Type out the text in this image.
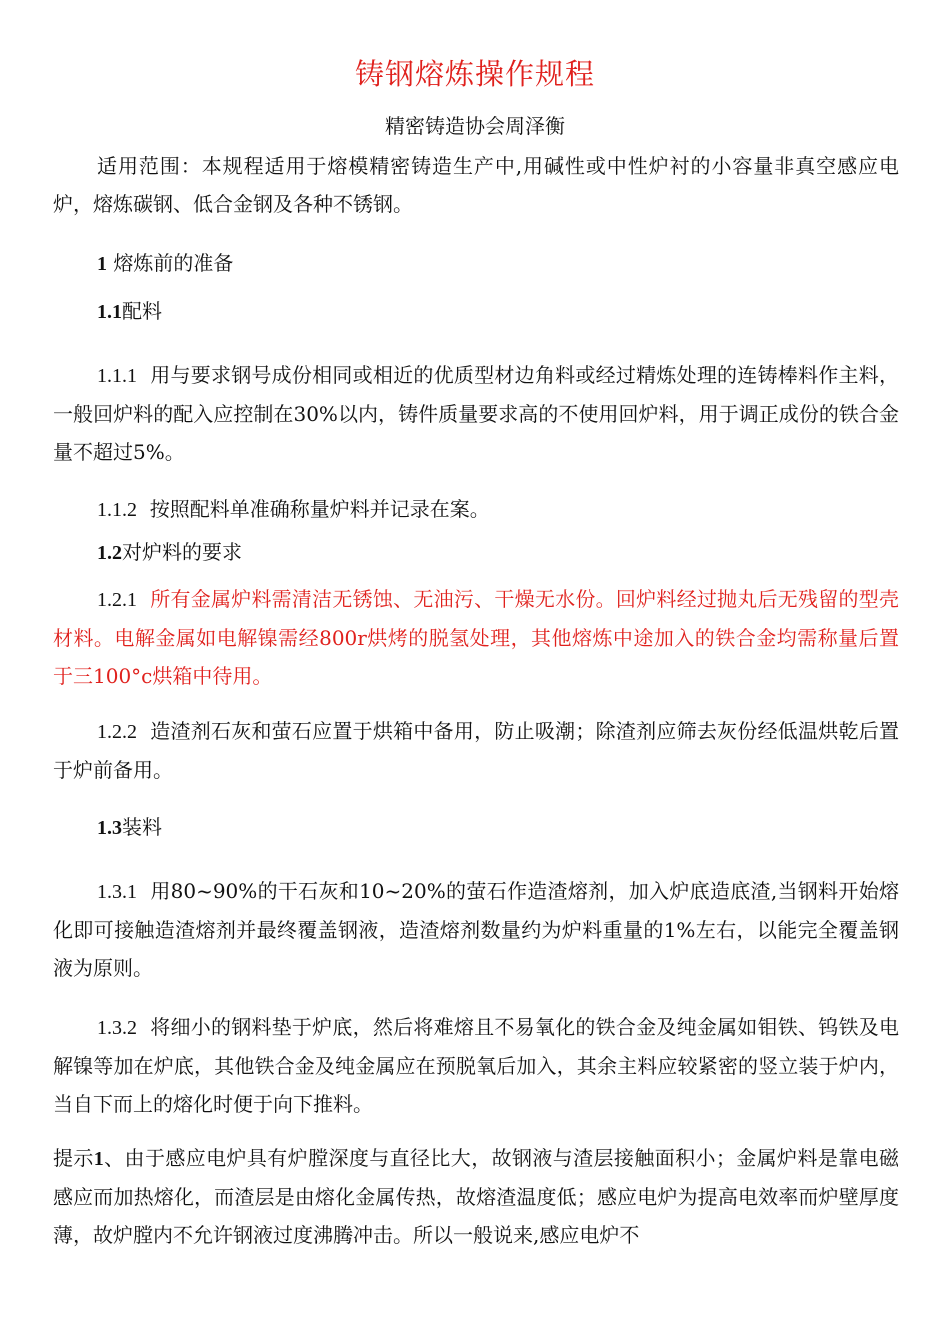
铸钢熔炼操作规程

精密铸造协会周泽衡

适用范围：本规程适用于熔模精密铸造生产中,用碱性或中性炉衬的小容量非真空感应电炉，熔炼碳钢、低合金钢及各种不锈钢。

1 熔炼前的准备

1.1配料

1.1.1 用与要求钢号成份相同或相近的优质型材边角料或经过精炼处理的连铸棒料作主料，一般回炉料的配入应控制在30%以内，铸件质量要求高的不使用回炉料，用于调正成份的铁合金量不超过5%。

1.1.2 按照配料单准确称量炉料并记录在案。

1.2对炉料的要求

1.2.1 所有金属炉料需清洁无锈蚀、无油污、干燥无水份。回炉料经过抛丸后无残留的型壳材料。电解金属如电解镍需经800r烘烤的脱氢处理，其他熔炼中途加入的铁合金均需称量后置于三100°c烘箱中待用。

1.2.2 造渣剂石灰和萤石应置于烘箱中备用，防止吸潮；除渣剂应筛去灰份经低温烘乾后置于炉前备用。

1.3装料

1.3.1 用80~90%的干石灰和10~20%的萤石作造渣熔剂，加入炉底造底渣,当钢料开始熔化即可接触造渣熔剂并最终覆盖钢液，造渣熔剂数量约为炉料重量的1%左右，以能完全覆盖钢液为原则。

1.3.2 将细小的钢料垫于炉底，然后将难熔且不易氧化的铁合金及纯金属如钼铁、钨铁及电解镍等加在炉底，其他铁合金及纯金属应在预脱氧后加入，其余主料应较紧密的竖立装于炉内，当自下而上的熔化时便于向下推料。

提示1、由于感应电炉具有炉膛深度与直径比大，故钢液与渣层接触面积小；金属炉料是靠电磁感应而加热熔化，而渣层是由熔化金属传热，故熔渣温度低；感应电炉为提高电效率而炉壁厚度薄，故炉膛内不允许钢液过度沸腾冲击。所以一般说来,感应电炉不
